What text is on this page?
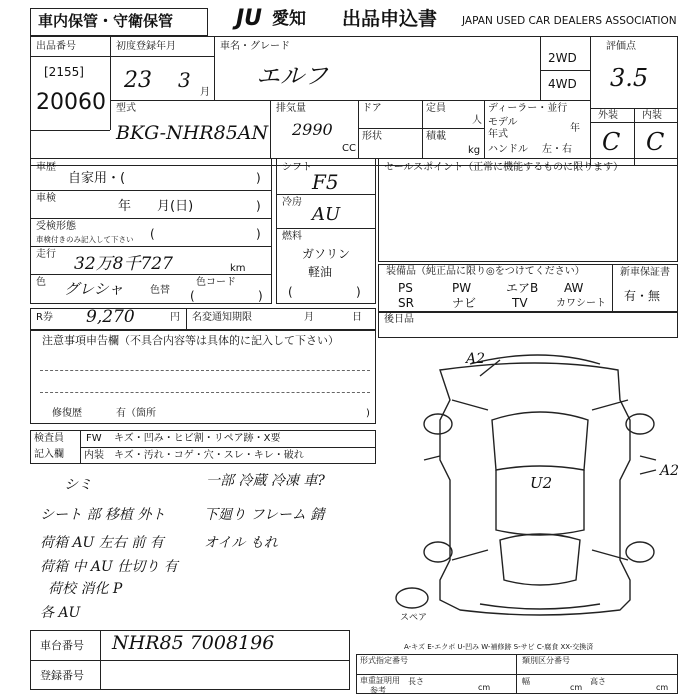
車内保管・守衛保管	JU 愛知 出品申込書 JAPAN USED CAR DEALERS ASSOCIATION
出品番号
[2155]
20060
初度登録年月
23 3
月
車名・グレード
エルフ
2WD
4WD
評価点
3.5
外装 内装
C C
型式
BKG-NHR85AN
排気量
2990
CC
ドア
形状
定員
人
積載
kg
ディーラー・並行
モデル
年式
年
ハンドル 左・右
車歴
自家用・(	)
車検
年　　月(日)	)
受検形態
車検付きのみ記入して下さい (	)
走行 32万8千727	km
色 グレシャ	色替
色コード
(	)
シフト
F5
冷房
AU
燃料
ガソリン
軽油
(	)
セールスポイント（正常に機能するものに限ります）
装備品（純正品に限り◎をつけてください）	新車保証書
有・無
PS	PW	エアB AW
SR	ナビ	TV	カワシート
R券 9,270	円 名変通知期限	月	日 後日品
注意事項申告欄（不具合内容等は具体的に記入して下さい）
修復歴	有（箇所	)
検査員
記入欄
FW キズ・凹み・ヒビ割・リペア跡・X要
内装 キズ・汚れ・コゲ・穴・スレ・キレ・破れ
シミ	一部 冷蔵 冷凍 車?
シート 部 移植 外ト	下廻り フレーム 錆
荷箱 AU 左右 前 有	オイル もれ
荷箱 中 AU 仕切り 有
荷校 消化 P
各 AU
A2
U2
A2
スペア
A-キズ E-エクボ U-凹み W-補修跡 S-サビ C-腐食 XX-交換済
車台番号 NHR85 7008196
登録番号
形式指定番号
車重証明用
参考
長さ
cm
類別区分番号
幅
cm
高さ
cm
